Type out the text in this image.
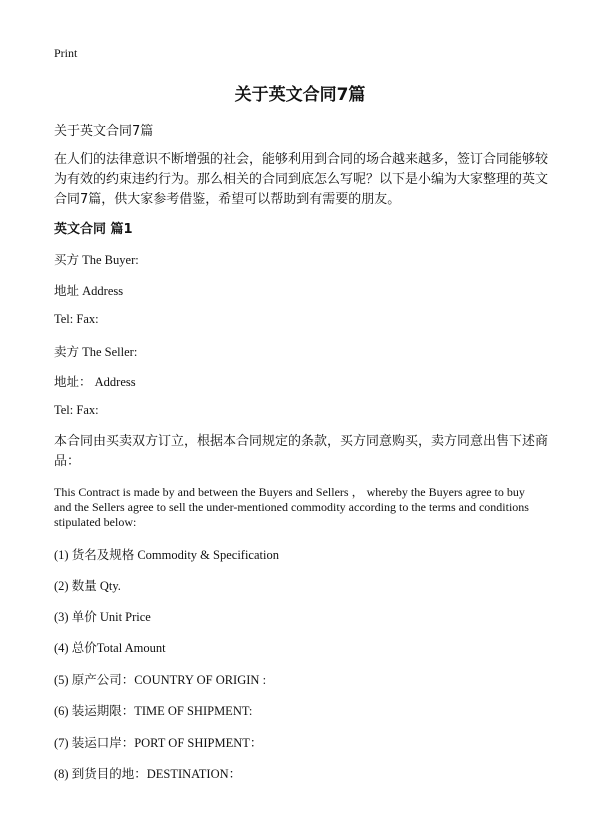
Print
关于英文合同7篇
关于英文合同7篇
在人们的法律意识不断增强的社会，能够利用到合同的场合越来越多，签订合同能够较为有效的约束违约行为。那么相关的合同到底怎么写呢？以下是小编为大家整理的英文合同7篇，供大家参考借鉴，希望可以帮助到有需要的朋友。
英文合同 篇1
买方 The Buyer:
地址 Address
Tel: Fax:
卖方 The Seller:
地址： Address
Tel: Fax:
本合同由买卖双方订立，根据本合同规定的条款，买方同意购买，卖方同意出售下述商品：
This Contract is made by and between the Buyers and Sellers ， whereby the Buyers agree to buy and the Sellers agree to sell the under-mentioned commodity according to the terms and conditions stipulated below:
(1) 货名及规格 Commodity & Specification
(2) 数量 Qty.
(3) 单价 Unit Price
(4) 总价Total Amount
(5) 原产公司：COUNTRY OF ORIGIN :
(6) 装运期限：TIME OF SHIPMENT:
(7) 装运口岸：PORT OF SHIPMENT：
(8) 到货目的地：DESTINATION：
